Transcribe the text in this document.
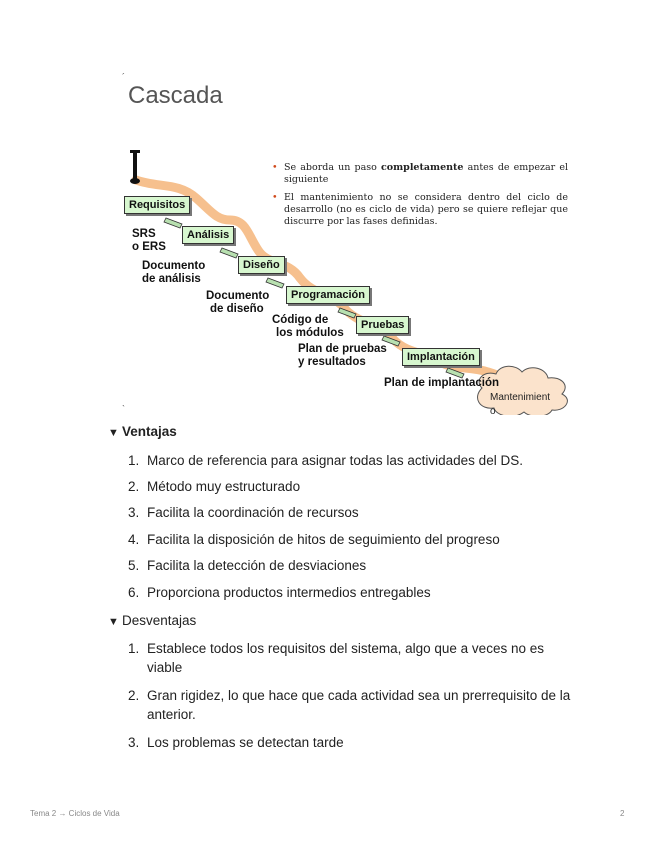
Cascada
´
`
• Se aborda un paso completamente antes de empezar el siguiente
• El mantenimiento no se considera dentro del ciclo de desarrollo (no es ciclo de vida) pero se quiere reflejar que discurre por las fases definidas.
Requisitos
Análisis
Diseño
Programación
Pruebas
Implantación
SRS
o ERS
Documento
de análisis
Documento
de diseño
Código de
los módulos
Plan de pruebas
y resultados
Plan de implantación
Mantenimient
o
▼ Ventajas
1. Marco de referencia para asignar todas las actividades del DS.
2. Método muy estructurado
3. Facilita la coordinación de recursos
4. Facilita la disposición de hitos de seguimiento del progreso
5. Facilita la detección de desviaciones
6. Proporciona productos intermedios entregables
▼ Desventajas
1. Establece todos los requisitos del sistema, algo que a veces no es viable
2. Gran rigidez, lo que hace que cada actividad sea un prerrequisito de la anterior.
3. Los problemas se detectan tarde
Tema 2 → Ciclos de Vida	2
